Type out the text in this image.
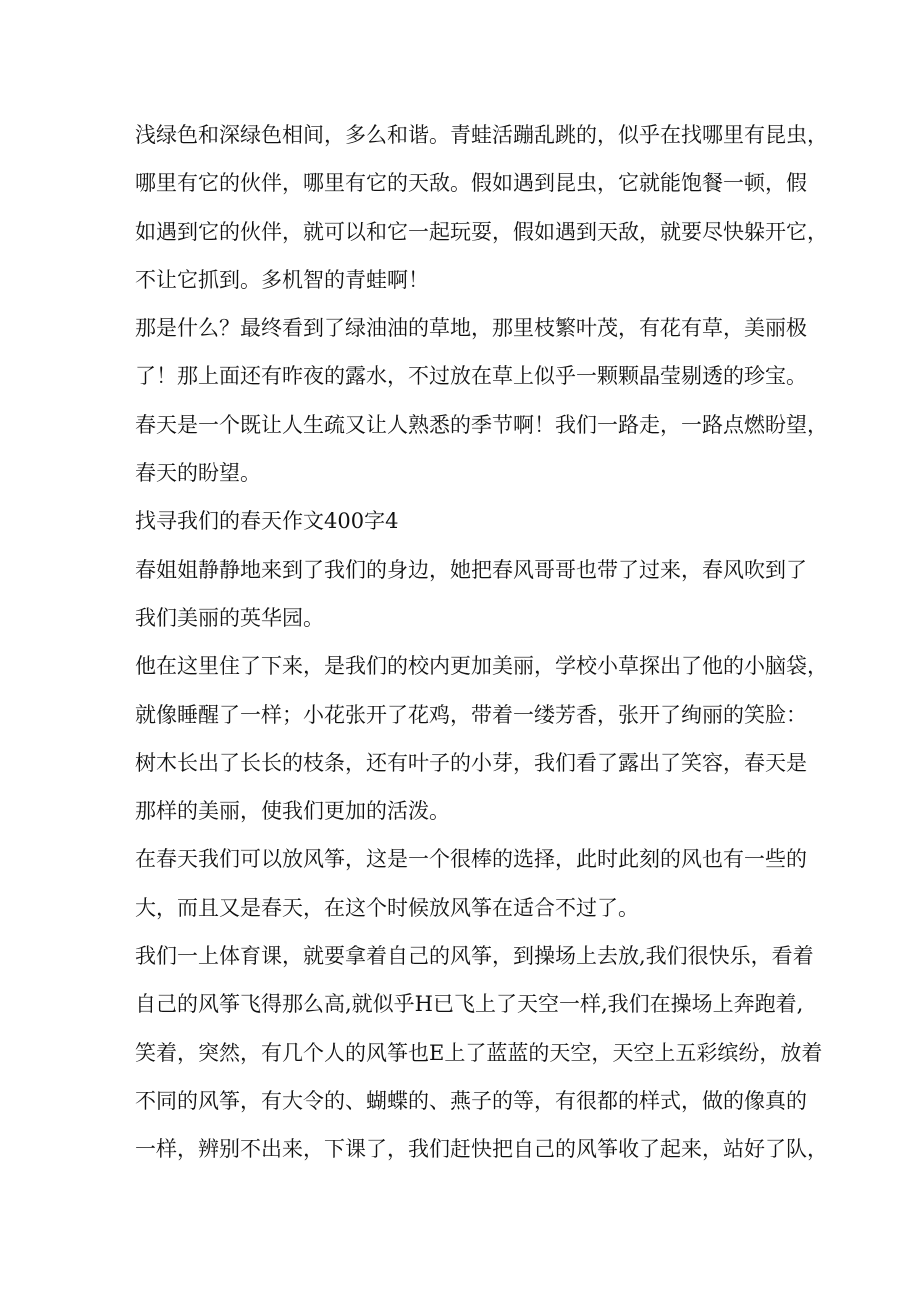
浅绿色和深绿色相间，多么和谐。青蛙活蹦乱跳的，似乎在找哪里有昆虫，
哪里有它的伙伴，哪里有它的天敌。假如遇到昆虫，它就能饱餐一顿，假
如遇到它的伙伴，就可以和它一起玩耍，假如遇到天敌，就要尽快躲开它，
不让它抓到。多机智的青蛙啊！
那是什么？最终看到了绿油油的草地，那里枝繁叶茂，有花有草，美丽极
了！那上面还有昨夜的露水，不过放在草上似乎一颗颗晶莹剔透的珍宝。
春天是一个既让人生疏又让人熟悉的季节啊！我们一路走，一路点燃盼望，
春天的盼望。
找寻我们的春天作文400字4
春姐姐静静地来到了我们的身边，她把春风哥哥也带了过来，春风吹到了
我们美丽的英华园。
他在这里住了下来，是我们的校内更加美丽，学校小草探出了他的小脑袋，
就像睡醒了一样；小花张开了花鸡，带着一缕芳香，张开了绚丽的笑脸：
树木长出了长长的枝条，还有叶子的小芽，我们看了露出了笑容，春天是
那样的美丽，使我们更加的活泼。
在春天我们可以放风筝，这是一个很棒的选择，此时此刻的风也有一些的
大，而且又是春天，在这个时候放风筝在适合不过了。
我们一上体育课，就要拿着自己的风筝，到操场上去放,我们很快乐，看着
自己的风筝飞得那么高,就似乎H已飞上了天空一样,我们在操场上奔跑着,
笑着，突然，有几个人的风筝也E上了蓝蓝的天空，天空上五彩缤纷，放着
不同的风筝，有大令的、蝴蝶的、燕子的等，有很都的样式，做的像真的
一样，辨别不出来，下课了，我们赶快把自己的风筝收了起来，站好了队，
